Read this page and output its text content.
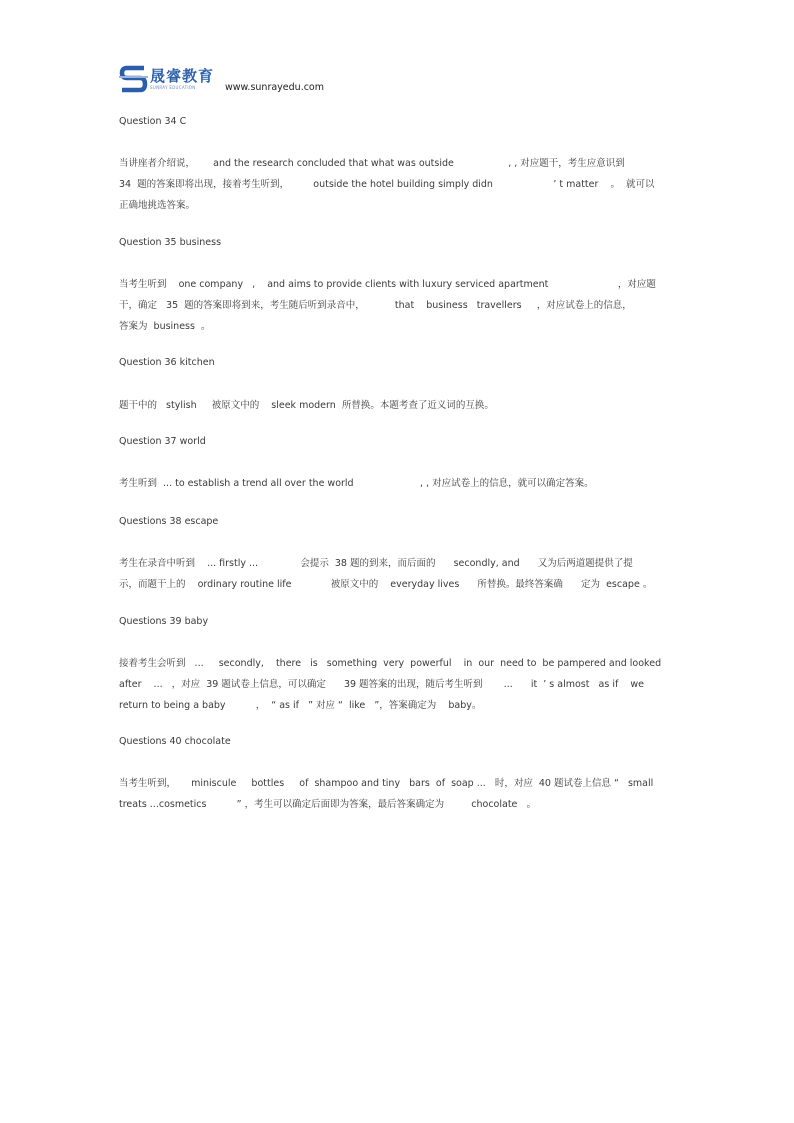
晟睿教育
SUNRAY EDUCATION	www.sunrayedu.com
Question 34 C
当讲座者介绍说，      and the research concluded that what was outside                  , , 对应题干，考生应意识到
34  题的答案即将出现，接着考生听到，        outside the hotel building simply didn                    ’ t matter    。  就可以
正确地挑选答案。
Question 35 business
当考生听到    one company   ,    and aims to provide clients with luxury serviced apartment                       ，对应题
干，确定   35  题的答案即将到来，考生随后听到录音中，          that    business   travellers     ，对应试卷上的信息，
答案为  business  。
Question 36 kitchen
题干中的   stylish     被原文中的    sleek modern  所替换。本题考查了近义词的互换。
Question 37 world
考生听到  ... to establish a trend all over the world                      , , 对应试卷上的信息，就可以确定答案。
Questions 38 escape
考生在录音中听到    ... firstly ...              会提示  38 题的到来，而后面的      secondly, and      又为后两道题提供了提
示，而题干上的    ordinary routine life             被原文中的    everyday lives      所替换。最终答案确      定为  escape 。
Questions 39 baby
接着考生会听到   ...     secondly,    there   is   something  very  powerful    in  our  need to  be pampered and looked
after    ...   ，对应  39 题试卷上信息，可以确定      39 题答案的出现，随后考生听到       ...      it  ’ s almost   as if    we
return to being a baby          ，  “ as if   ” 对应 “  like   ”，答案确定为    baby。
Questions 40 chocolate
当考生听到，     miniscule     bottles     of  shampoo and tiny   bars  of  soap ...   时，对应  40 题试卷上信息 “   small
treats ...cosmetics          ” ，考生可以确定后面即为答案，最后答案确定为         chocolate   。
